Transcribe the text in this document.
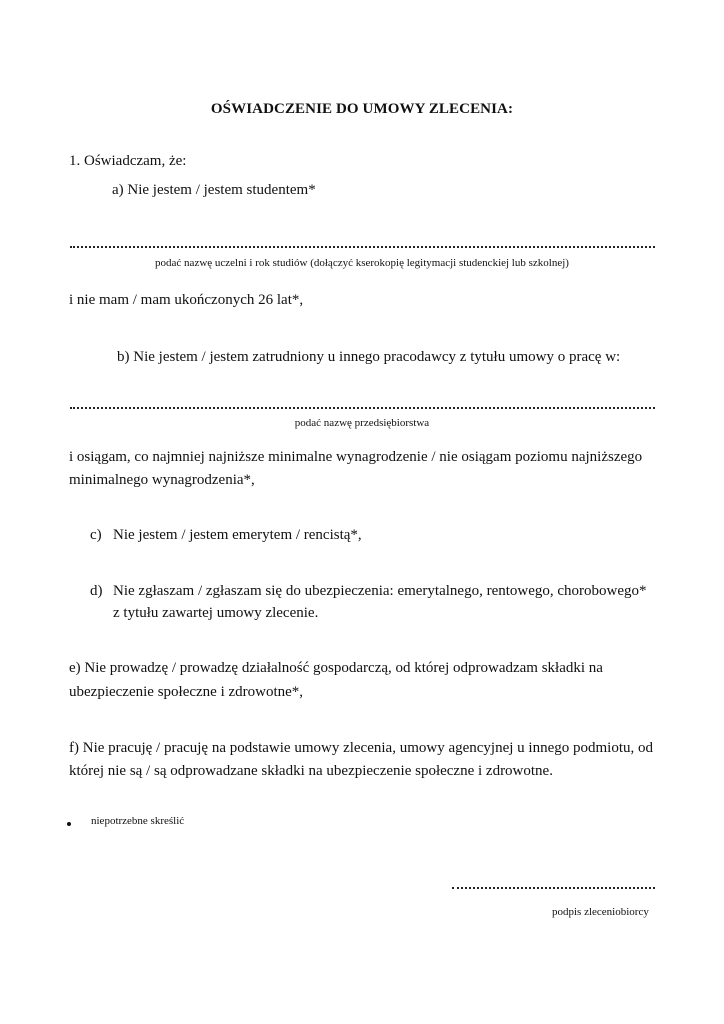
OŚWIADCZENIE DO UMOWY ZLECENIA:
1. Oświadczam, że:
a) Nie jestem / jestem studentem*
podać nazwę uczelni i rok studiów (dołączyć kserokopię legitymacji studenckiej lub szkolnej)
i nie mam / mam ukończonych 26 lat*,
b) Nie jestem / jestem zatrudniony u innego pracodawcy z tytułu umowy o pracę w:
podać nazwę przedsiębiorstwa
i osiągam, co najmniej najniższe minimalne wynagrodzenie / nie osiągam poziomu najniższego
minimalnego wynagrodzenia*,
c) Nie jestem / jestem emerytem / rencistą*,
d) Nie zgłaszam / zgłaszam się do ubezpieczenia: emerytalnego, rentowego, chorobowego*
z tytułu zawartej umowy zlecenie.
e) Nie prowadzę / prowadzę działalność gospodarczą, od której odprowadzam składki na
ubezpieczenie społeczne i zdrowotne*,
f) Nie pracuję / pracuję na podstawie umowy zlecenia, umowy agencyjnej u innego podmiotu, od
której nie są / są odprowadzane składki na ubezpieczenie społeczne i zdrowotne.
niepotrzebne skreślić
podpis zleceniobiorcy
